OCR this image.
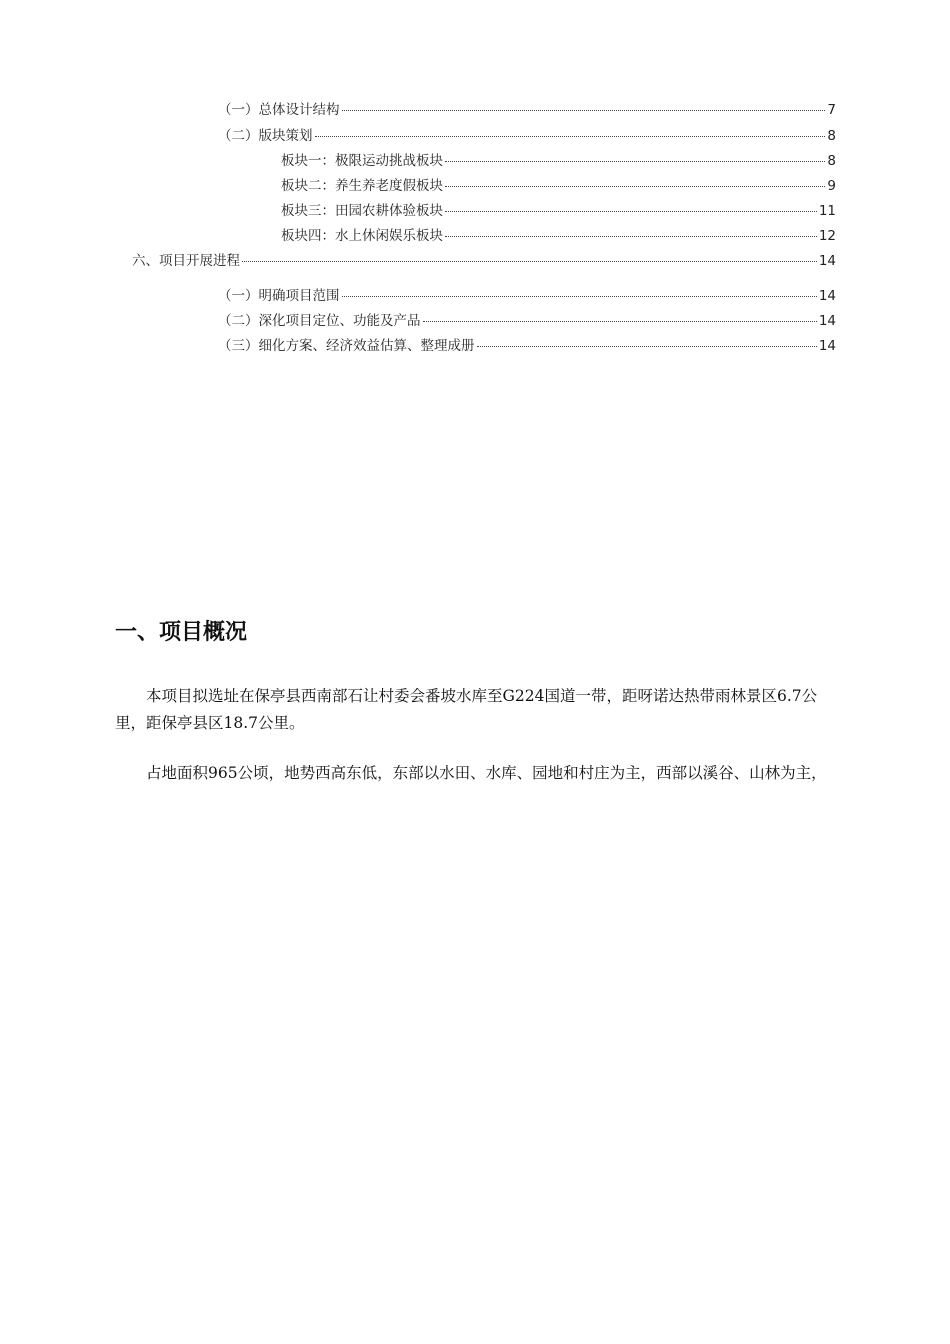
（一）总体设计结构	7
（二）版块策划	8
板块一：极限运动挑战板块	8
板块二：养生养老度假板块	9
板块三：田园农耕体验板块	11
板块四：水上休闲娱乐板块	12
六、项目开展进程	14
（一）明确项目范围	14
（二）深化项目定位、功能及产品	14
（三）细化方案、经济效益估算、整理成册	14
一、项目概况

本项目拟选址在保亭县西南部石让村委会番坡水库至G224国道一带，距呀诺达热带雨林景区6.7公里，距保亭县区18.7公里。

占地面积965公顷，地势西高东低，东部以水田、水库、园地和村庄为主，西部以溪谷、山林为主，
